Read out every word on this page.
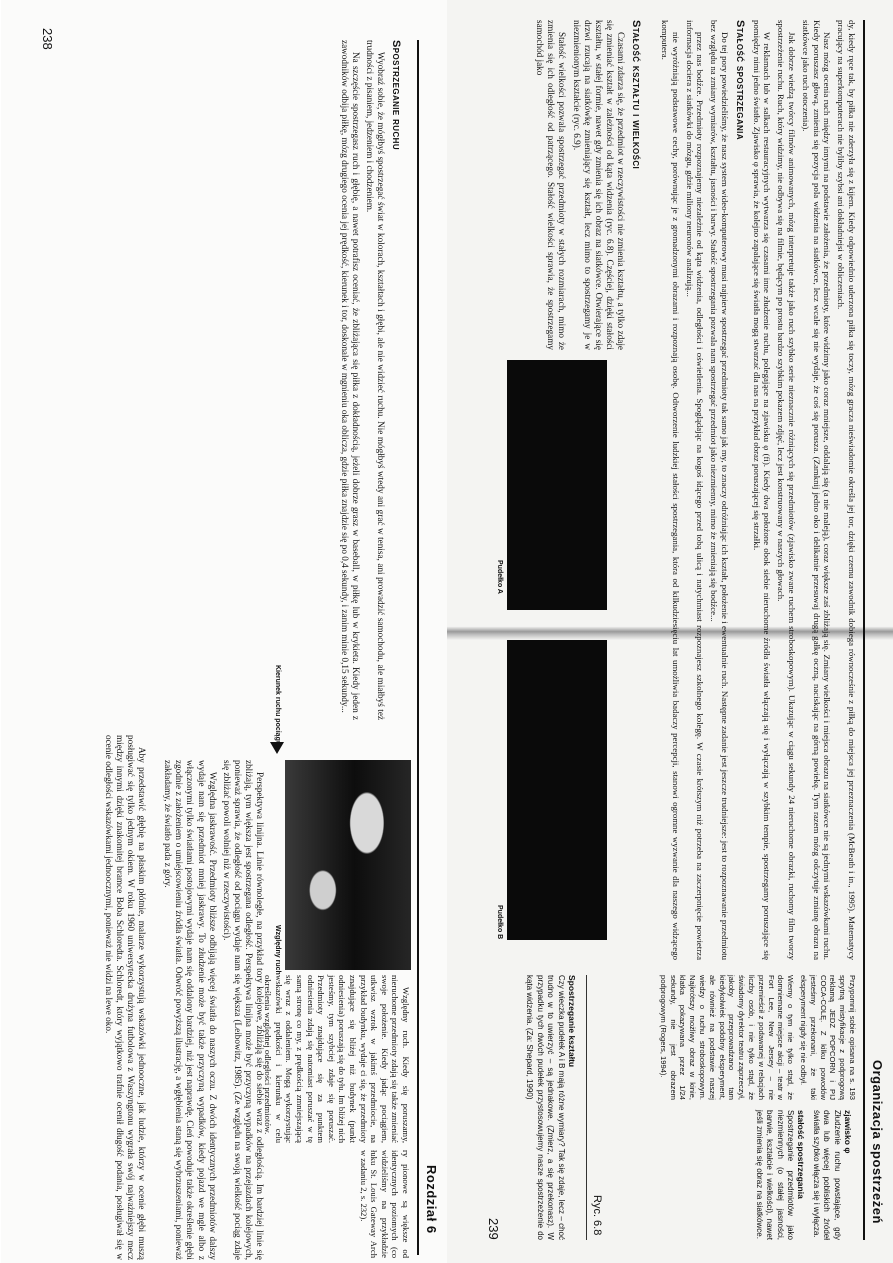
Rozdział 6

ry pionowe są większe od identycznych poziomych (co widzieliśmy na przykładzie łuku St. Louis Gateway Arch w zadaniu 2, s. 232).

Względny ruch. Kiedy się poruszamy, nieruchome przedmioty zdają się także zmieniać swoje położenie. Kiedy jadąc pociągiem, utkwisz wzrok w jakimś przedmiocie, na przykład budynku, wydaje ci się, że przedmioty znajdujące się bliżej niż budynek (punkt odniesienia) poruszają się do tyłu. Im bliżej nich jesteśmy, tym szybciej zdaje się poruszać. Przedmioty znajdujące się za punktem odniesienia zdają się natomiast poruszać w tę samą stronę co my, z prędkością zmniejszającą się wraz z oddaleniem. Mogą wykorzystując wskazówki prędkości i kierunku w celu określenia względnej odległości przedmiotów.

Względny ruch
Kierunek ruchu pociągu

Perspektywa linijna. Linie równoległe, na przykład tory kolejowe, zbliżają się do siebie wraz z odległością. Im bardziej linie się zbliżają, tym większa jest spostrzegana odległość. Perspektywa linijna może być przyczyną wypadków na przejazdach kolejowych, ponieważ sprawia, że odległość od pociągu wydaje nam się większa (Leibowitz, 1985). (Ze względu na swoją wielkość pociąg zdaje się zbliżać powoli wolniej niż w rzeczywistości).

Względna jaskrawość. Przedmioty bliższe odbijają więcej światła do naszych oczu. Z dwóch identycznych przedmiotów dalszy wydaje nam się przedmiot mniej jaskrawy. To złudzenie może być także przyczyną wypadków, kiedy pojazd we mgle albo z włączonymi tylko światłami postojowymi wydaje nam się oddalony bardziej, niż jest naprawdę. Cień powoduje także określenie głębi zgodnie z założeniem o umiejscowieniu źródła światła. Odwróć powyższą ilustrację, a wgłębienia staną się wybrzuszeniami, ponieważ zakładamy, że światło pada z góry.

Aby przedstawić głębię na płaskim płótnie, malarze wykorzystują wskazówki jednooczne, jak ludzie, którzy w ocenie głębi muszą posługiwać się tylko jednym okiem. W roku 1960 uniwersytecka drużyna futbolowa z Waszyngtonu wygrała swój najważniejszy mecz między innymi dzięki znakomitej bramce Boba Schloredta. Schloredt, który wyjątkowo trafnie ocenił długość podania, posługiwał się w ocenie odległości wskazówkami jednoocznymi, ponieważ nie widzi na lewe oko.

Spostrzeganie ruchu

Wyobraź sobie, że mógłbyś spostrzegać świat w kolorach, kształtach i głębi, ale nie widzieć ruchu. Nie mógłbyś wtedy ani grać w tenisa, ani prowadzić samochodu, ale miałbyś też trudności z pisaniem, jedzeniem i chodzeniem.

Na szczęście spostrzegasz ruch i głębię, a nawet potrafisz oceniać, że zbliżająca się piłka z dokładnością, jeżeli dobrze grasz w baseball, w piłkę lub w krykieta. Kiedy jeden z zawodników odbija piłkę, mózg drugiego ocenia jej prędkość, kierunek i tor, doskonale w mgnieniu oka oblicza, gdzie piłka znajdzie się po 0,4 sekundy, i zanim minie 0,15 sekundy...

238
Organizacja spostrzeżeń
zjawisko φ

Złudzenie ruchu powstające, gdy dwa lub więcej pobliskich źródeł światła szybko włącza się i wyłącza.

stałość spostrzegania

Spostrzeganie przedmiotów jako niezmiennych (o stałej jasności, barwie, kształcie i wielkości), nawet jeśli zmienia się obraz na siatkówce.

Przypomnij sobie opisana na s. 193 sprytną mistyfikacje z podprogową reklamą JEDZ POPCORN i PIJ COCA-COLĘ. Z kilku powodów jesteśmy przekonani, że taki eksperyment nigdy się nie odbył.

Wiemy o tym nie tylko stąd, że domniemane miejsce akcji – teatr w Fort Lee, New Jersey – nie przemieścił z podawanej w relacjach liczby osób, i nie tylko stąd, że świadomy dyrektor teatru zaprzeczył, jakoby przeprowadzano tam kiedykolwiek podobny eksperyment, ale również na podstawie naszej wiedzy o ruchu stroboskopowym. Najkrótszy możliwy obraz w kinie, klatka pokazywana przez 1/24 sekundy, nie jest obrazem podprogowym (Rogers, 1994).

Ryc. 6.8
Spostrzeganie kształtu

Czy wieczka pudełek A i B mają różne wymiary? Tak się zdaje, lecz – choć trudno w to uwierzyć – są jednakowe. (Zmierz, a się przekonasz). W przypadku tych dwóch pudełek przystosowujemy nasze spostrzeżenie do kąta widzenia. (Za: Shepard, 1990)

dy, kiedy ręce tak, by piłka nie zderzyła się z kijem. Kiedy odpowiednio uderzona piłka się toczy, mózg gracza nieświadomie określa jej tor, dzięki czemu zawodnik dobiega równocześnie z piłką do miejsca jej przeznaczenia (McBeath i in., 1995). Matematycy pracujący na superkomputerach nie byliby szybsi ani dokładniejsi w obliczeniach.

Nasz mózg ocenia ruch między innymi na podstawie założenia, że przedmioty, które widzimy jako coraz mniejsze, oddalają się (a nie maleją), coraz większe zaś zbliżają się. Zmiany wielkości i miejsca obrazu na siatkówce nie są jednymi wskazówkami ruchu. Kiedy poruszasz głową, zmienia się pozycja pola widzenia na siatkówce, lecz wcale się nie wydaje, że coś się porusza. (Zamknij jedno oko i delikatnie przesuwaj drugą gałkę oczną, naciskając na górną powiekę. Tym razem mózg odczytuje zmianę obrazu na siatkówce jako ruch otoczenia).

Jak dobrze wiedzą twórcy filmów animowanych, mózg interpretuje także jako ruch szybko serie nieznacznie różniących się przedmiotów (zjawisko zwane ruchem stroboskopowym). Ukazując w ciągu sekundy 24 nieruchome obrazki, ruchomy film tworzy spostrzeżenie ruchu. Ruch, który widzimy, nie odbywa się na filmie, będącym po prostu bardzo szybkim pokazem zdjęć, lecz jest konstruowany w naszych głowach.

W reklamach lub w salkach restauracyjnych wytwarza się czasami inne złudzenie ruchu, polegające na zjawisku φ (fi). Kiedy dwa położone obok siebie nieruchome źródła światła włączają się i wyłączają w szybkim tempie, spostrzegamy poruszające się pomiędzy nimi jedno światło. Zjawisko φ sprawia, że kolejno zapalające się światła mogą stwarzać dla nas na przykład obraz poruszającej się strzałki.

Stałość spostrzegania

Do tej pory powiedzieliśmy, że nasz system wideo-komputerowy musi najpierw spostrzegać przedmioty tak samo jak my, to znaczy odróżniając ich kształt, położenie i ewentualnie ruch. Następne zadanie jest jeszcze trudniejsze: jest to rozpoznawanie przedmiotu bez względu na zmiany wymiarów, kształtu, jasności i barwy. Stałość spostrzegania pozwala nam spostrzegać przedmiot jako niezmienny, mimo że zmieniają się bodźce...

przez nas bodźce. Przedmioty rozpoznajemy niezależnie od kąta widzenia, odległości i oświetlenia. Spoglądając na kogoś idącego przed tobą ulicą i natychmiast rozpoznajesz szkolnego kolegę. W czasie krótszym niż potrzeba na zaczerpnięcie powietrza informacja dociera z siatkówki do mózgu, gdzie miliony neuronów analizują...

nie wyróżniają podstawowe cechy, porównując je z gromadzonymi obrazami i rozpoznają osobę. Odtworzenie ludzkiej stałości spostrzegania, która od kilkudziesięciu lat umożliwia badaczy percepcji, stanowi ogromne wyzwanie dla naszego widzącego komputera.

Stałość kształtu i wielkości

Czasami zdarza się, że przedmiot w rzeczywistości nie zmienia kształtu, a tylko zdaje się zmieniać kształt w zależności od kąta widzenia (ryc. 6.8). Częściej, dzięki stałości kształtu, w stałej formie, nawet gdy zmienia się ich obraz na siatkówce. Otwierające się drzwi rzucają na siatkówkę zmieniający się kształt, lecz mimo to spostrzegamy je w niezmienionym kształcie (ryc. 6.9).

Stałość wielkości pozwala spostrzegać przedmioty w stałych rozmiarach, mimo że zmienia się ich odległość od patrzącego. Stałość wielkości sprawia, że spostrzegamy samochód jako

Pudełko A
Pudełko B
239
